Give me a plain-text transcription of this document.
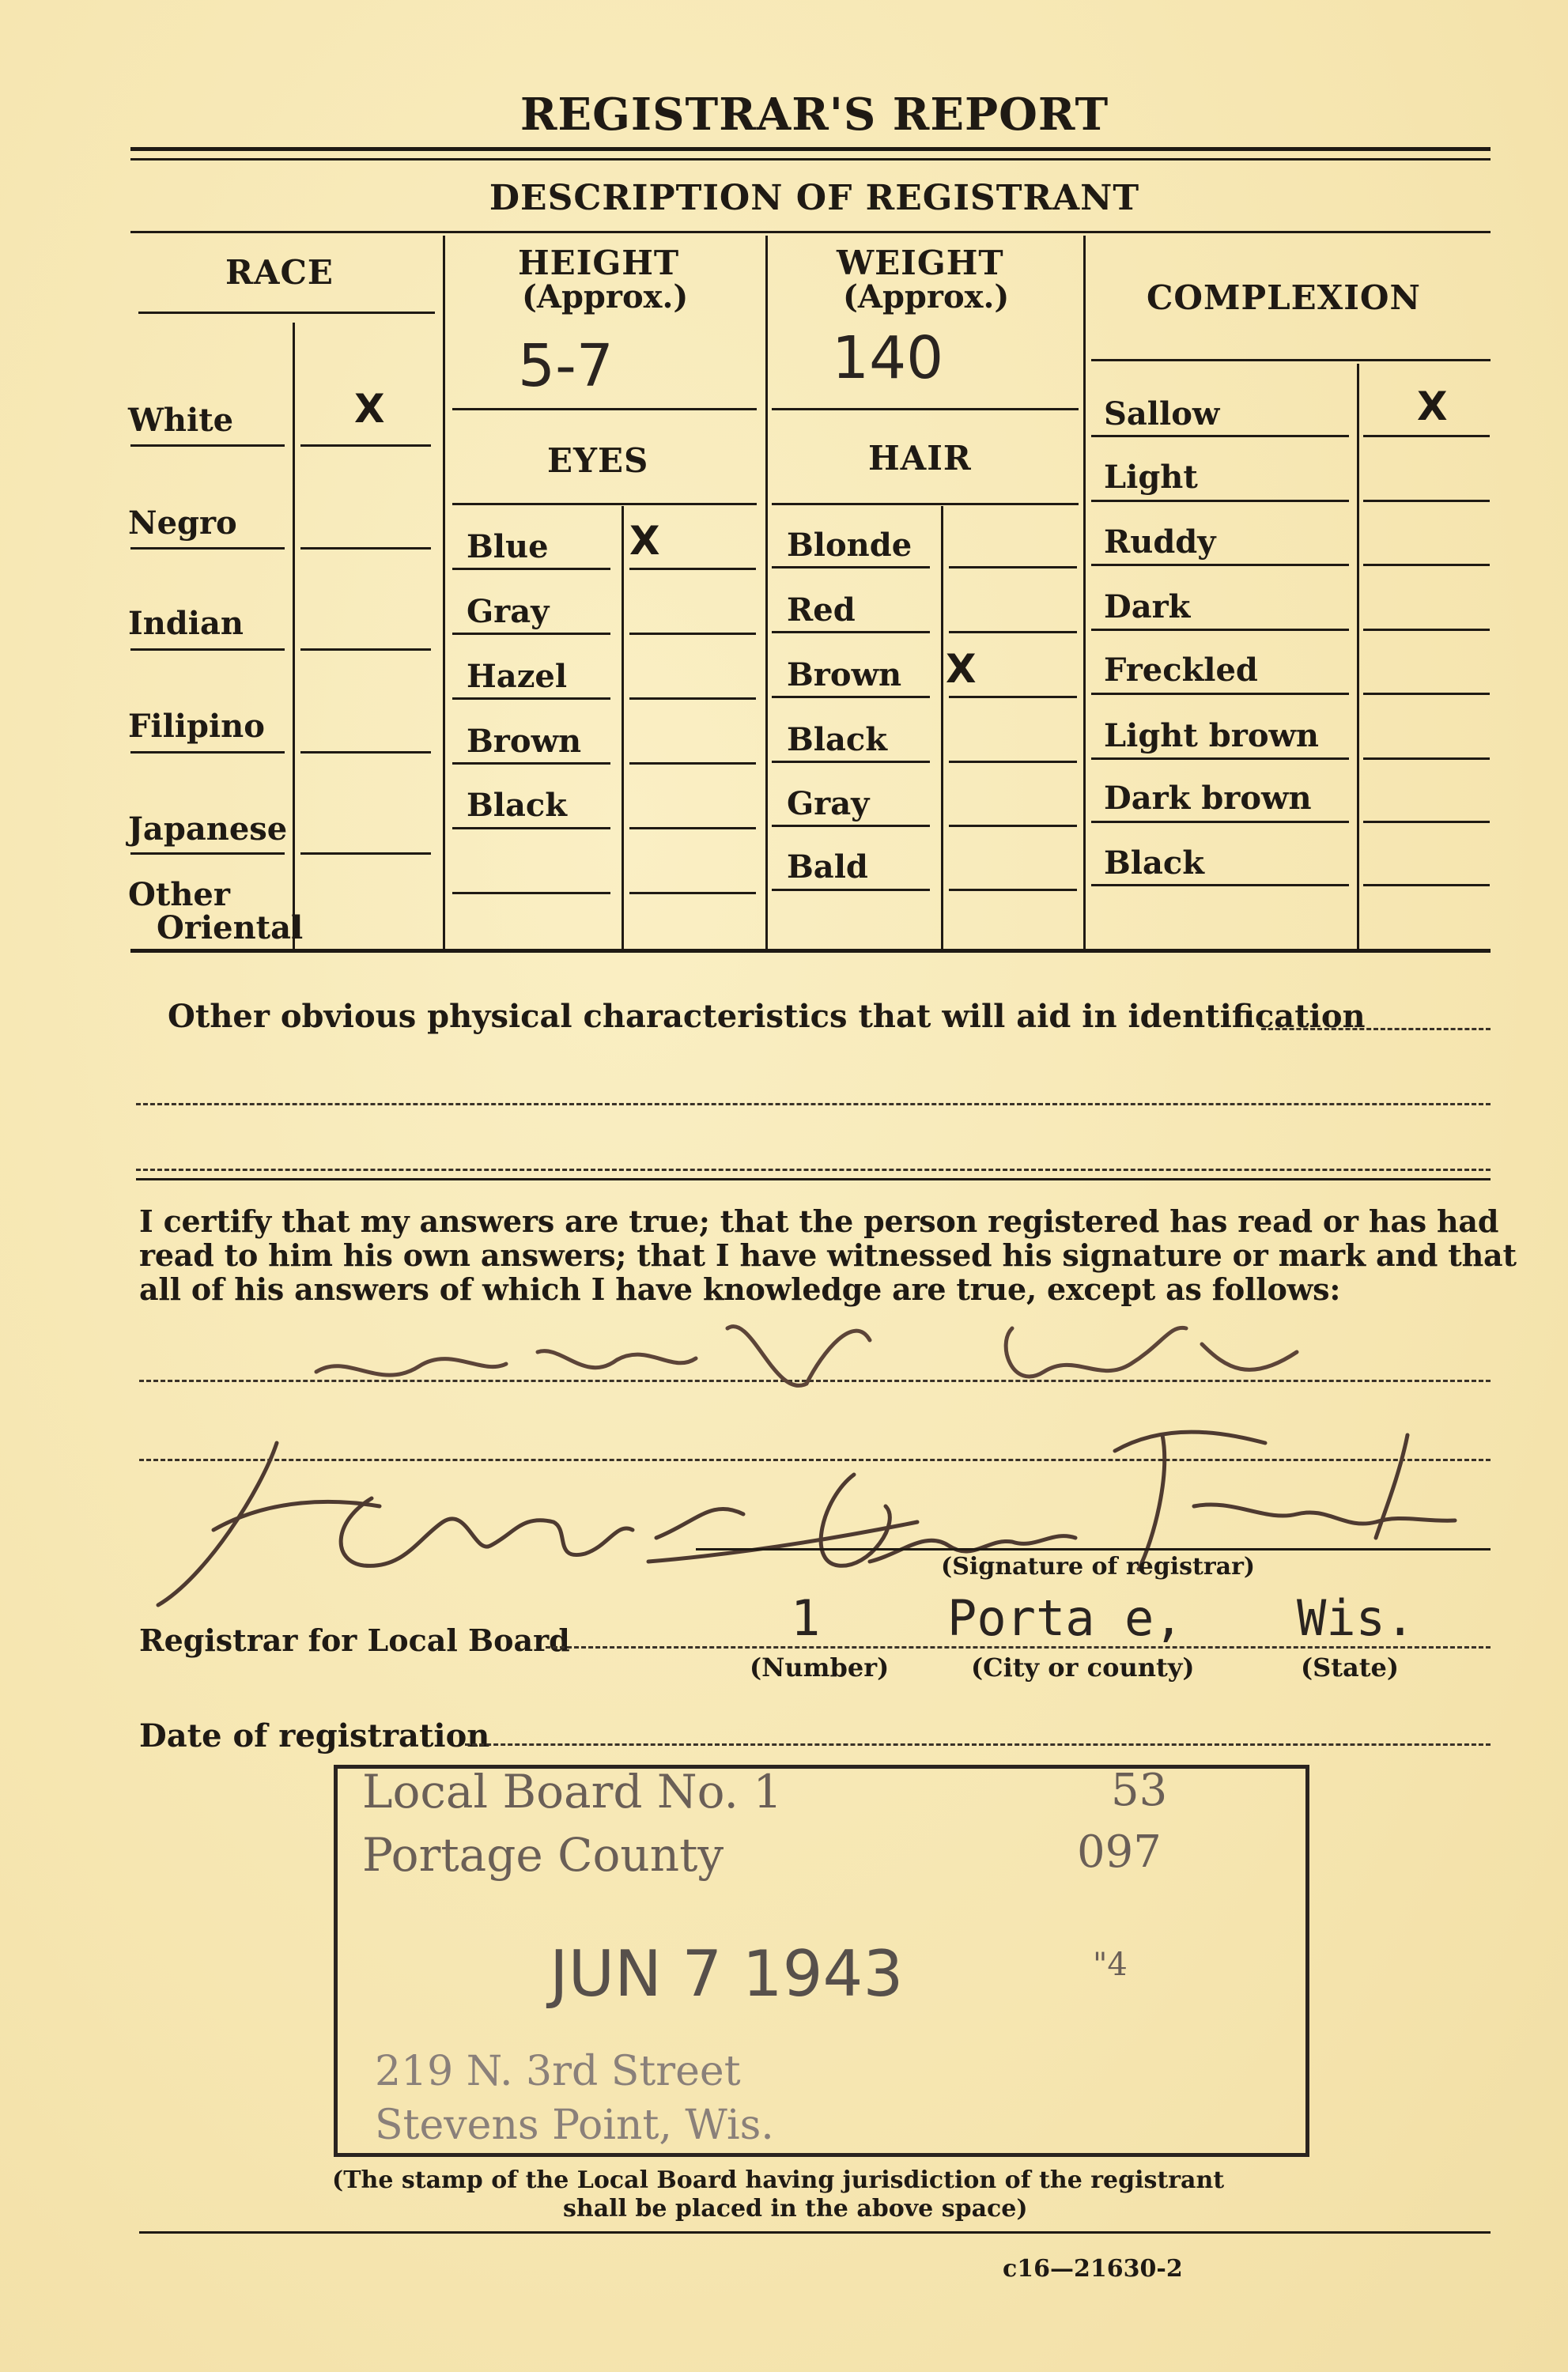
REGISTRAR'S REPORT
DESCRIPTION OF REGISTRANT
RACE
White	X
Negro
Indian
Filipino
Japanese
Other
Oriental
HEIGHT
(Approx.)
5-7
WEIGHT
(Approx.)
140
EYES
Blue X
Gray
Hazel
Brown
Black
HAIR
Blonde
Red
Brown X
Black
Gray
Bald
COMPLEXION
Sallow	X
Light
Ruddy
Dark
Freckled
Light brown
Dark brown
Black
Other obvious physical characteristics that will aid in identification
I certify that my answers are true; that the person registered has read or has had
read to him his own answers; that I have witnessed his signature or mark and that
all of his answers of which I have knowledge are true, except as follows:
(Signature of registrar)
Registrar for Local Board	1	Porta e, Wis.
(Number)	(City or county)	(State)
Date of registration
Local Board No. 1
Portage County
JUN 7 1943
219 N. 3rd Street
Stevens Point, Wis.
53
097
"4
(The stamp of the Local Board having jurisdiction of the registrant
shall be placed in the above space)
c16—21630-2
